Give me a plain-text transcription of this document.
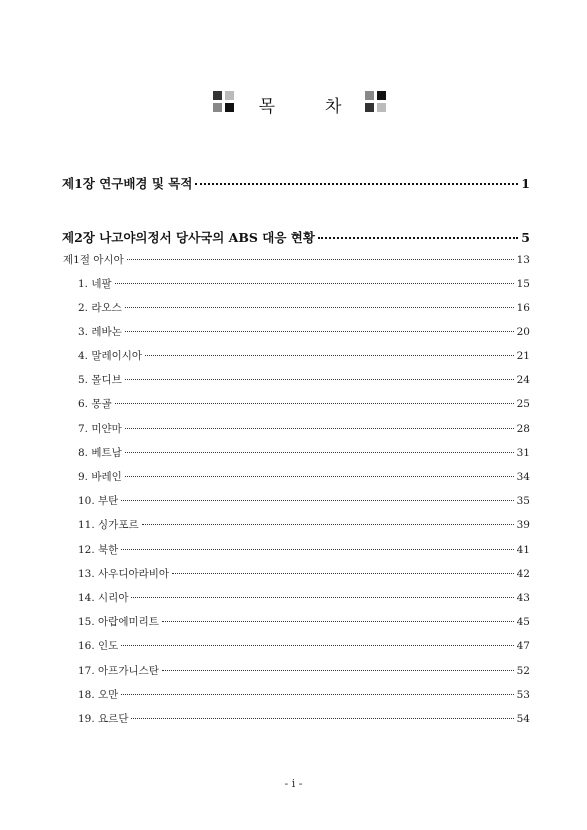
목	차
제1장 연구배경 및 목적	1
제2장 나고야의정서 당사국의 ABS 대응 현황	5
제1절 아시아	13
1. 네팔	15
2. 라오스	16
3. 레바논	20
4. 말레이시아	21
5. 몰디브	24
6. 몽골	25
7. 미얀마	28
8. 베트남	31
9. 바레인	34
10. 부탄	35
11. 싱가포르	39
12. 북한	41
13. 사우디아라비아	42
14. 시리아	43
15. 아랍에미리트	45
16. 인도	47
17. 아프가니스탄	52
18. 오만	53
19. 요르단	54
- i -
